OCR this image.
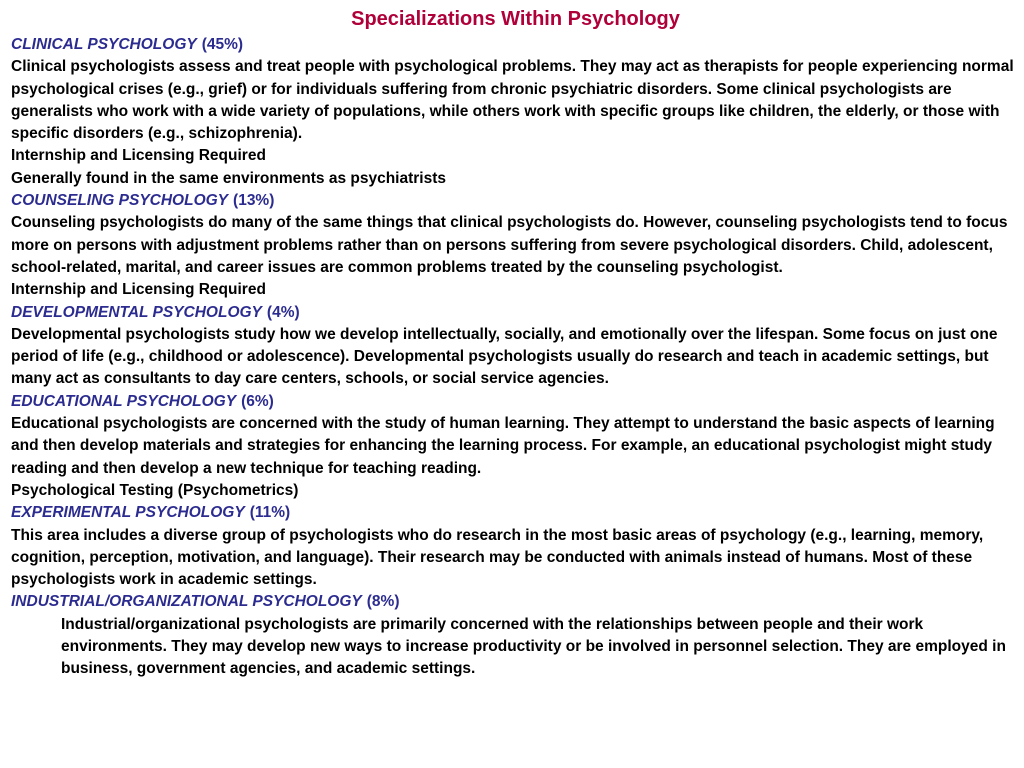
Specializations Within Psychology
CLINICAL PSYCHOLOGY (45%)
Clinical psychologists assess and treat people with psychological problems. They may act as therapists for people experiencing normal psychological crises (e.g., grief) or for individuals suffering from chronic psychiatric disorders. Some clinical psychologists are generalists who work with a wide variety of populations, while others work with specific groups like children, the elderly, or those with specific disorders (e.g., schizophrenia).
Internship and Licensing Required
Generally found in the same environments as psychiatrists
COUNSELING PSYCHOLOGY (13%)
Counseling psychologists do many of the same things that clinical psychologists do. However, counseling psychologists tend to focus more on persons with adjustment problems rather than on persons suffering from severe psychological disorders. Child, adolescent, school-related, marital, and career issues are common problems treated by the counseling psychologist.
Internship and Licensing Required
DEVELOPMENTAL PSYCHOLOGY (4%)
Developmental psychologists study how we develop intellectually, socially, and emotionally over the lifespan. Some focus on just one period of life (e.g., childhood or adolescence). Developmental psychologists usually do research and teach in academic settings, but many act as consultants to day care centers, schools, or social service agencies.
EDUCATIONAL PSYCHOLOGY (6%)
Educational psychologists are concerned with the study of human learning. They attempt to understand the basic aspects of learning and then develop materials and strategies for enhancing the learning process. For example, an educational psychologist might study reading and then develop a new technique for teaching reading.
Psychological Testing (Psychometrics)
EXPERIMENTAL PSYCHOLOGY (11%)
This area includes a diverse group of psychologists who do research in the most basic areas of psychology (e.g., learning, memory, cognition, perception, motivation, and language). Their research may be conducted with animals instead of humans. Most of these psychologists work in academic settings.
INDUSTRIAL/ORGANIZATIONAL PSYCHOLOGY (8%)
Industrial/organizational psychologists are primarily concerned with the relationships between people and their work environments. They may develop new ways to increase productivity or be involved in personnel selection. They are employed in business, government agencies, and academic settings.
